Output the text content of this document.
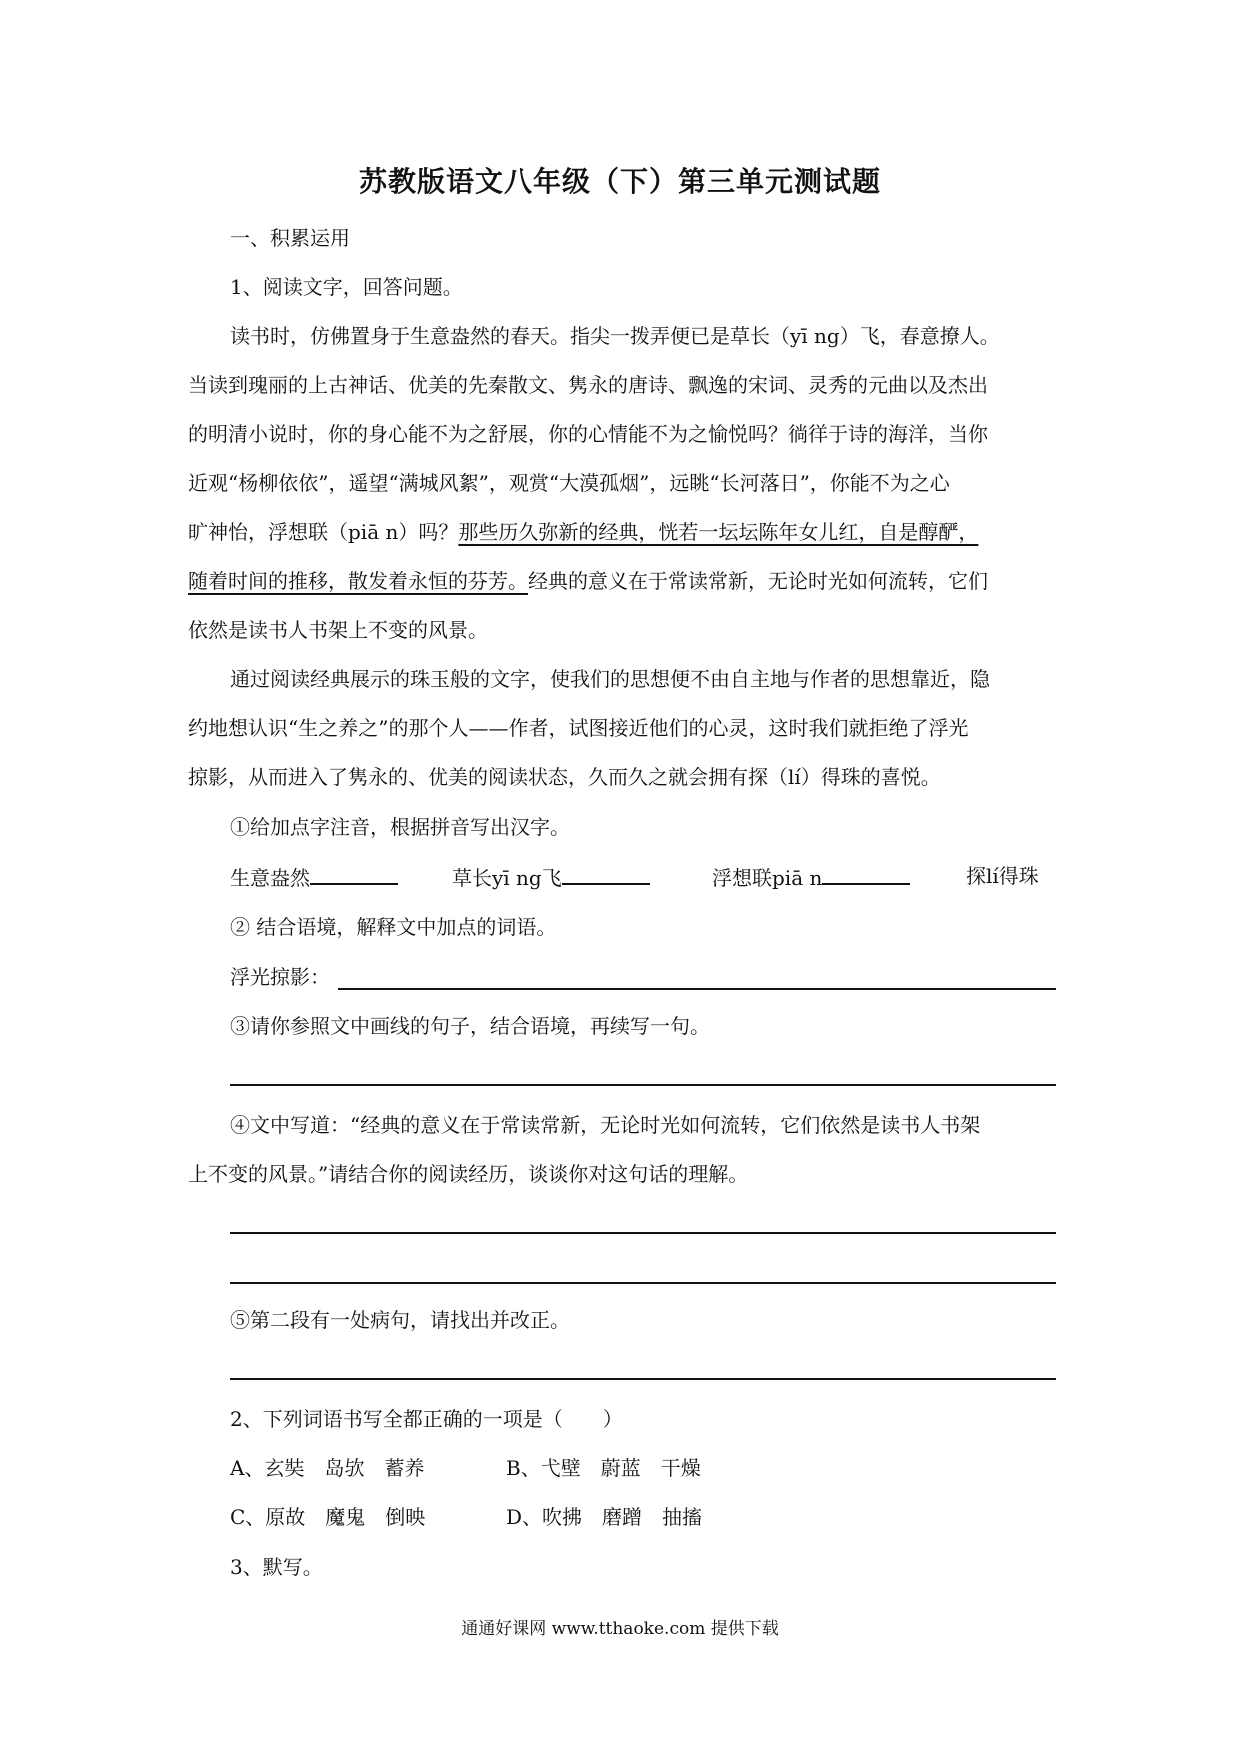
苏教版语文八年级（下）第三单元测试题
一、积累运用
1、阅读文字，回答问题。
读书时，仿佛置身于生意盎然的春天。指尖一拨弄便已是草长（yī ng）飞，春意撩人。
当读到瑰丽的上古神话、优美的先秦散文、隽永的唐诗、飘逸的宋词、灵秀的元曲以及杰出
的明清小说时，你的身心能不为之舒展，你的心情能不为之愉悦吗？徜徉于诗的海洋，当你
近观“杨柳依依”，遥望“满城风絮”，观赏“大漠孤烟”，远眺“长河落日”，你能不为之心
旷神怡，浮想联（piā n）吗？那些历久弥新的经典，恍若一坛坛陈年女儿红，自是醇酽，
随着时间的推移，散发着永恒的芬芳。经典的意义在于常读常新，无论时光如何流转，它们
依然是读书人书架上不变的风景。
通过阅读经典展示的珠玉般的文字，使我们的思想便不由自主地与作者的思想靠近，隐
约地想认识“生之养之”的那个人——作者，试图接近他们的心灵，这时我们就拒绝了浮光
掠影，从而进入了隽永的、优美的阅读状态，久而久之就会拥有探（lí）得珠的喜悦。
①给加点字注音，根据拼音写出汉字。
生意盎然	草长yī ng飞	浮想联piā n	探lí得珠
② 结合语境，解释文中加点的词语。
浮光掠影：
③请你参照文中画线的句子，结合语境，再续写一句。
④文中写道：“经典的意义在于常读常新，无论时光如何流转，它们依然是读书人书架
上不变的风景。”请结合你的阅读经历，谈谈你对这句话的理解。
⑤第二段有一处病句，请找出并改正。
2、下列词语书写全都正确的一项是（　　）
A、玄奘　岛欤　蓄养	B、弋壁　蔚蓝　干燥
C、原故　魔鬼　倒映	D、吹拂　磨蹭　抽搐
3、默写。
通通好课网 www.tthaoke.com 提供下载
